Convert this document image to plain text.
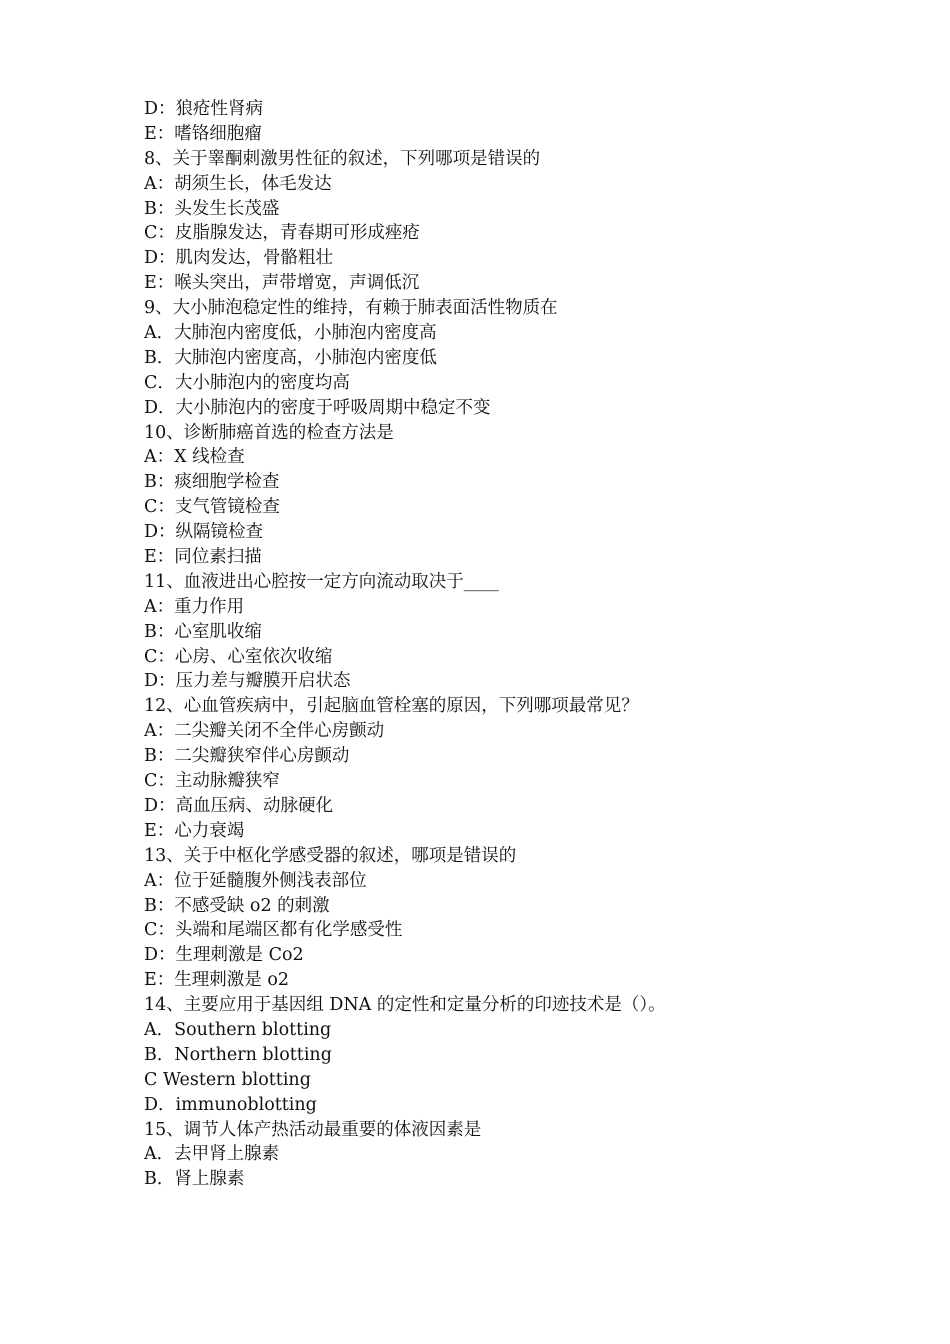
D：狼疮性肾病
E：嗜铬细胞瘤
8、关于睾酮刺激男性征的叙述，下列哪项是错误的
A：胡须生长，体毛发达
B：头发生长茂盛
C：皮脂腺发达，青春期可形成痤疮
D：肌肉发达，骨骼粗壮
E：喉头突出，声带增宽，声调低沉
9、大小肺泡稳定性的维持，有赖于肺表面活性物质在
A．大肺泡内密度低，小肺泡内密度高
B．大肺泡内密度高，小肺泡内密度低
C．大小肺泡内的密度均高
D．大小肺泡内的密度于呼吸周期中稳定不变
10、诊断肺癌首选的检查方法是
A：X 线检查
B：痰细胞学检查
C：支气管镜检查
D：纵隔镜检查
E：同位素扫描
11、血液进出心腔按一定方向流动取决于____
A：重力作用
B：心室肌收缩
C：心房、心室依次收缩
D：压力差与瓣膜开启状态
12、心血管疾病中，引起脑血管栓塞的原因，下列哪项最常见？
A：二尖瓣关闭不全伴心房颤动
B：二尖瓣狭窄伴心房颤动
C：主动脉瓣狭窄
D：高血压病、动脉硬化
E：心力衰竭
13、关于中枢化学感受器的叙述，哪项是错误的
A：位于延髓腹外侧浅表部位
B：不感受缺 o2 的刺激
C：头端和尾端区都有化学感受性
D：生理刺激是 Co2
E：生理刺激是 o2
14、主要应用于基因组 DNA 的定性和定量分析的印迹技术是（）。
A．Southern blotting
B．Northern blotting
C Western blotting
D．immunoblotting
15、调节人体产热活动最重要的体液因素是
A．去甲肾上腺素
B．肾上腺素
